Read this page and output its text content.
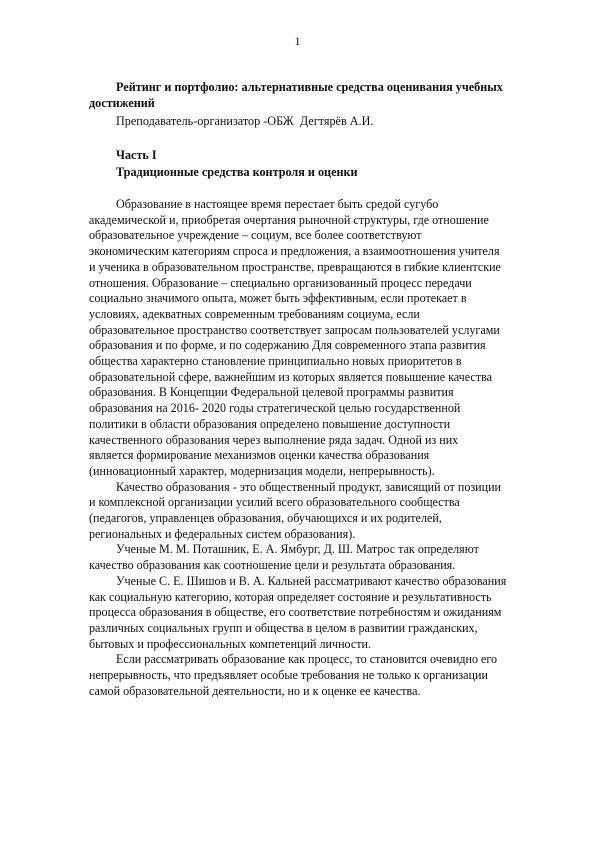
1
Рейтинг и портфолио: альтернативные средства оценивания учебных достижений
Преподаватель-организатор -ОБЖ  Дегтярёв А.И.
Часть I
Традиционные средства контроля и оценки

Образование в настоящее время перестает быть средой сугубо
академической и, приобретая очертания рыночной структуры, где отношение
образовательное учреждение – социум, все более соответствуют
экономическим категориям спроса и предложения, а взаимоотношения учителя
и ученика в образовательном пространстве, превращаются в гибкие клиентские
отношения. Образование – специально организованный процесс передачи
социально значимого опыта, может быть эффективным, если протекает в
условиях, адекватных современным требованиям социума, если
образовательное пространство соответствует запросам пользователей услугами
образования и по форме, и по содержанию Для современного этапа развития
общества характерно становление принципиально новых приоритетов в
образовательной сфере, важнейшим из которых является повышение качества
образования. В Концепции Федеральной целевой программы развития
образования на 2016- 2020 годы стратегической целью государственной
политики в области образования определено повышение доступности
качественного образования через выполнение ряда задач. Одной из них
является формирование механизмов оценки качества образования
(инновационный характер, модернизация модели, непрерывность).

Качество образования - это общественный продукт, зависящий от позиции
и комплексной организации усилий всего образовательного сообщества
(педагогов, управленцев образования, обучающихся и их родителей,
региональных и федеральных систем образования).

Ученые М. М. Поташник, Е. А. Ямбург, Д. Ш. Матрос так определяют
качество образования как соотношение цели и результата образования.

Ученые С. Е. Шишов и В. А. Кальней рассматривают качество образования
как социальную категорию, которая определяет состояние и результативность
процесса образования в обществе, его соответствие потребностям и ожиданиям
различных социальных групп и общества в целом в развитии гражданских,
бытовых и профессиональных компетенций личности.

Если рассматривать образование как процесс, то становится очевидно его
непрерывность, что предъявляет особые требования не только к организации
самой образовательной деятельности, но и к оценке ее качества.
